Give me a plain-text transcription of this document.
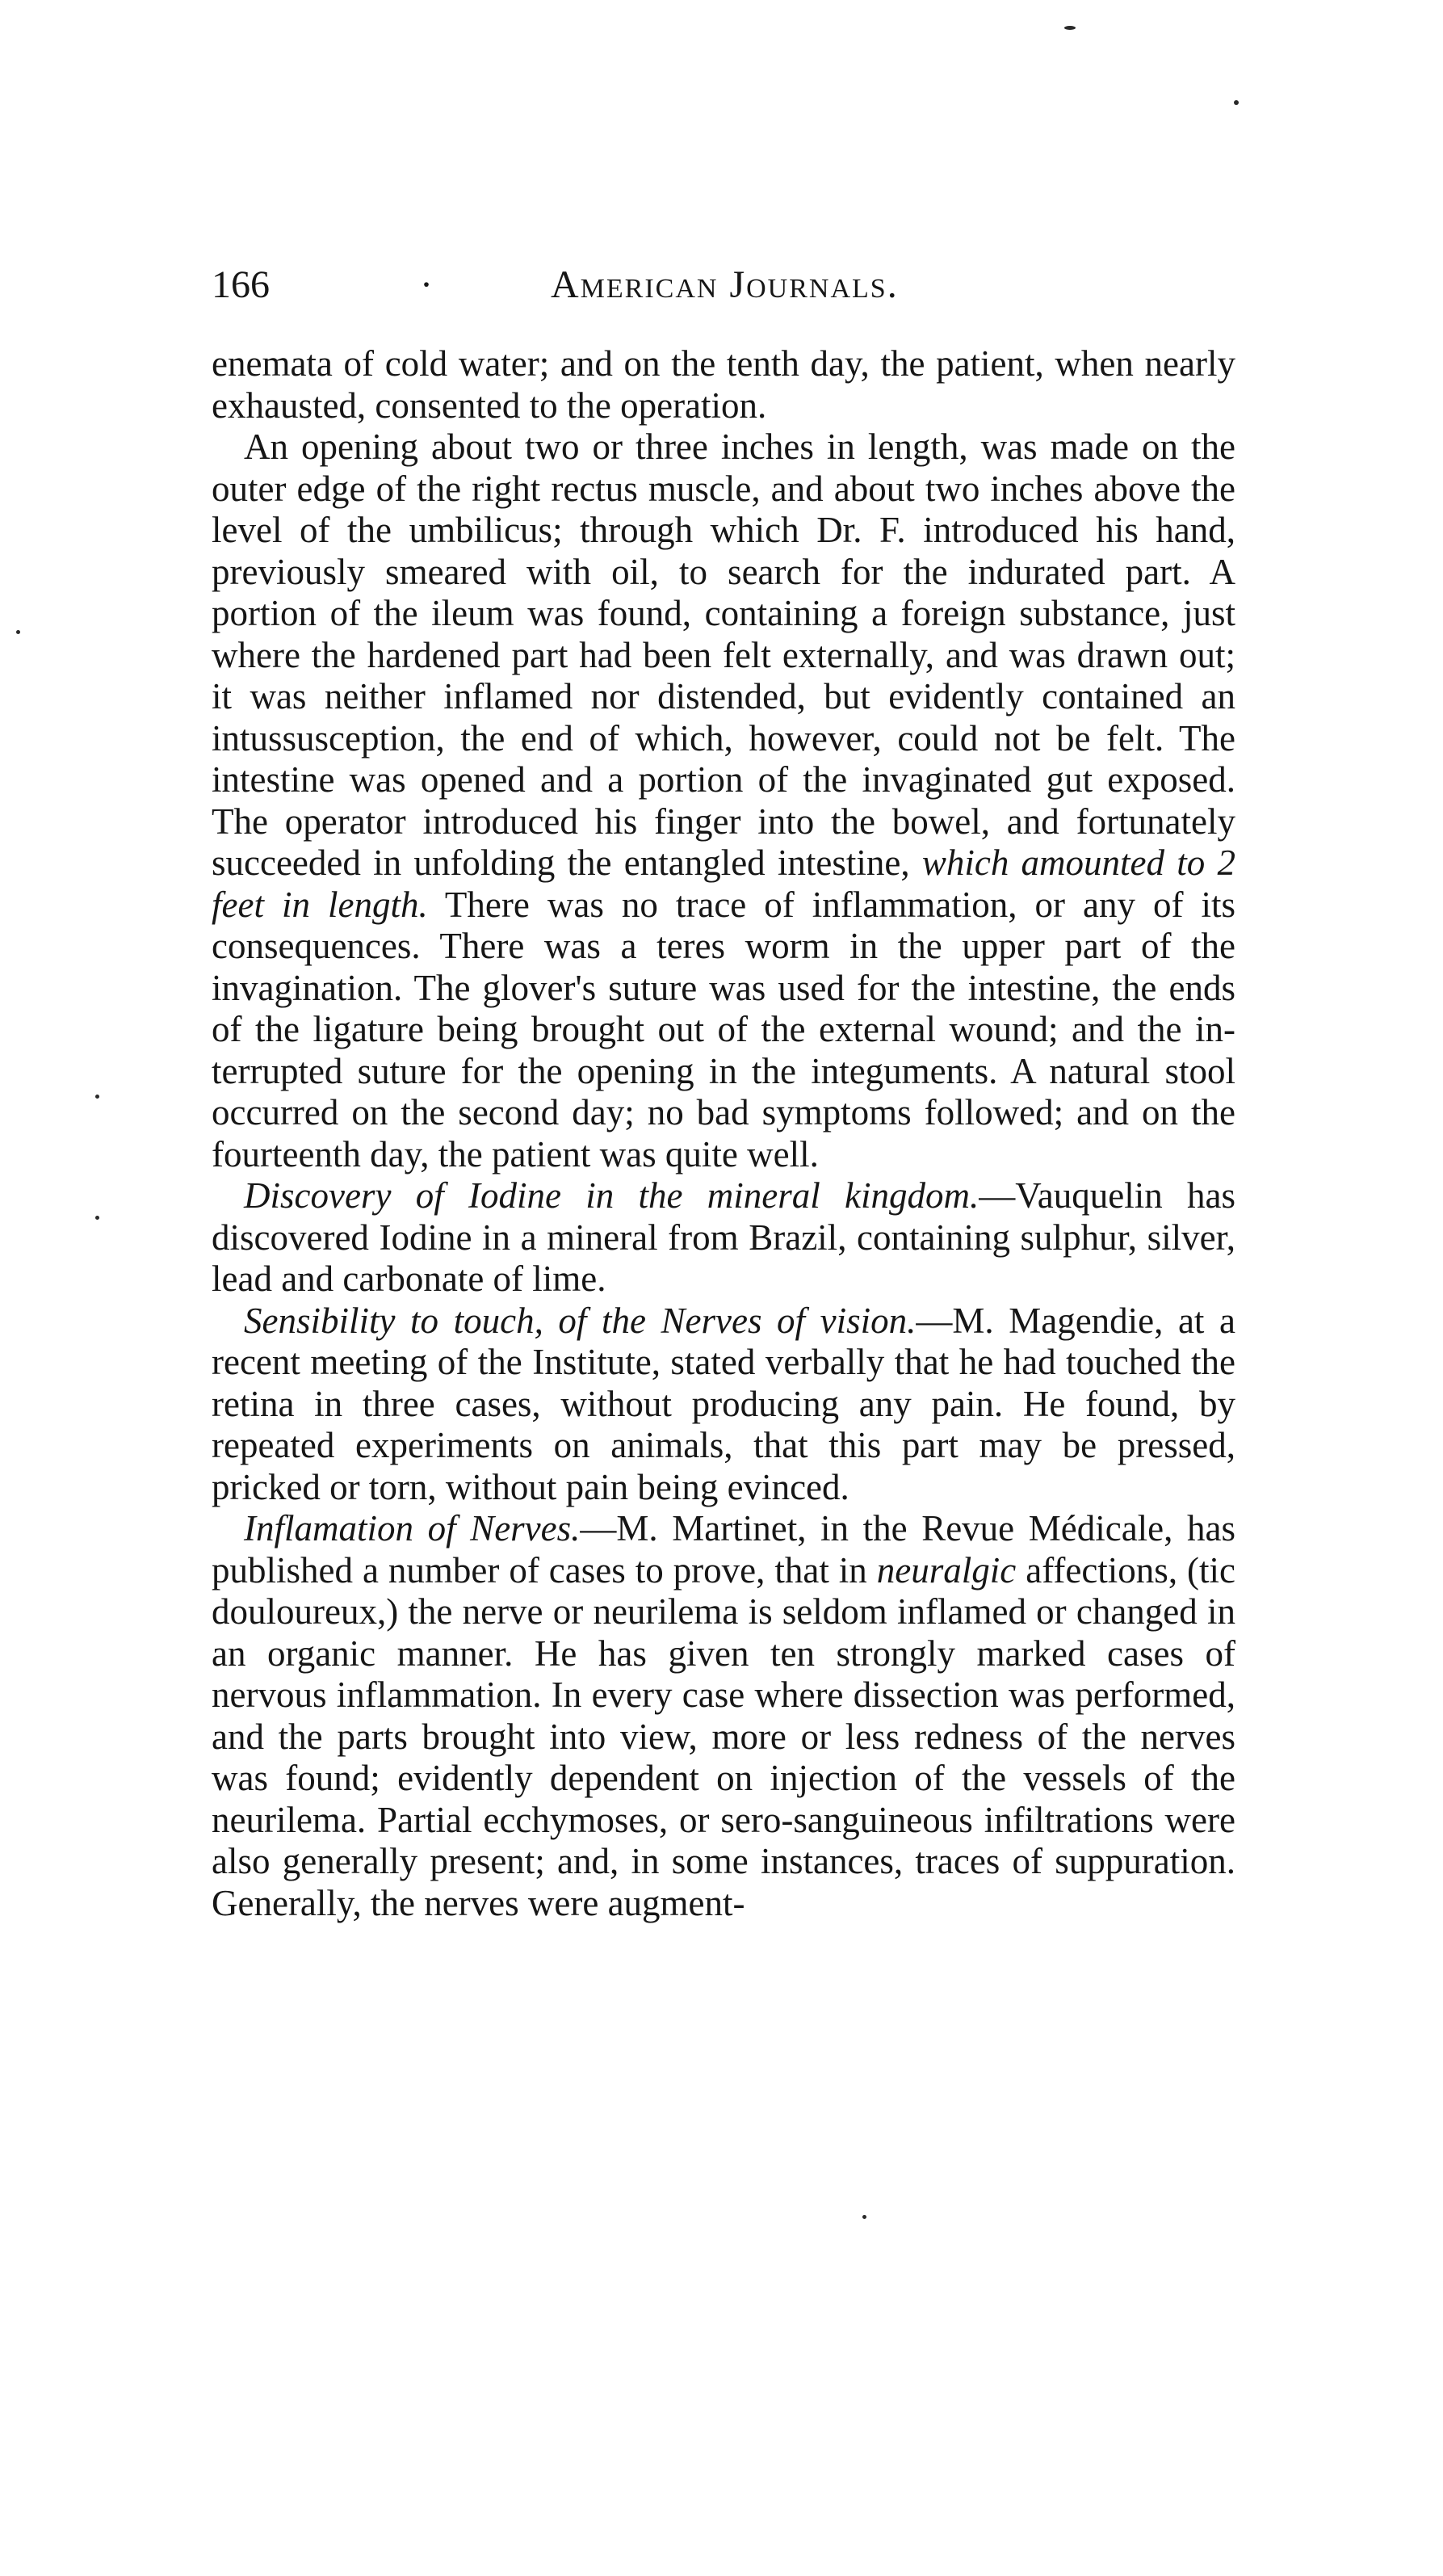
166	·	American Journals.

enemata of cold water; and on the tenth day, the patient, when nearly exhausted, consented to the operation.

An opening about two or three inches in length, was made on the outer edge of the right rectus muscle, and about two inches above the level of the umbilicus; through which Dr. F. introduced his hand, previously smeared with oil, to search for the indurated part. A portion of the ileum was found, containing a foreign substance, just where the hardened part had been felt externally, and was drawn out; it was neither inflamed nor distended, but evidently contained an intussusception, the end of which, however, could not be felt. The intestine was opened and a portion of the invaginated gut exposed. The operator introduced his finger into the bowel, and fortunately succeeded in unfolding the entangled intestine, which amounted to 2 feet in length. There was no trace of inflammation, or any of its consequences. There was a teres worm in the upper part of the invagination. The glover's suture was used for the intestine, the ends of the ligature being brought out of the external wound; and the interrupted suture for the opening in the integuments. A natural stool occurred on the second day; no bad symptoms followed; and on the fourteenth day, the patient was quite well.

Discovery of Iodine in the mineral kingdom.—Vauquelin has discovered Iodine in a mineral from Brazil, containing sulphur, silver, lead and carbonate of lime.

Sensibility to touch, of the Nerves of vision.—M. Magendie, at a recent meeting of the Institute, stated verbally that he had touched the retina in three cases, without producing any pain. He found, by repeated experiments on animals, that this part may be pressed, pricked or torn, without pain being evinced.

Inflamation of Nerves.—M. Martinet, in the Revue Médicale, has published a number of cases to prove, that in neuralgic affections, (tic douloureux,) the nerve or neurilema is seldom inflamed or changed in an organic manner. He has given ten strongly marked cases of nervous inflammation. In every case where dissection was performed, and the parts brought into view, more or less redness of the nerves was found; evidently dependent on injection of the vessels of the neurilema. Partial ecchymoses, or sero-sanguineous infiltrations were also generally present; and, in some instances, traces of suppuration. Generally, the nerves were augment-
